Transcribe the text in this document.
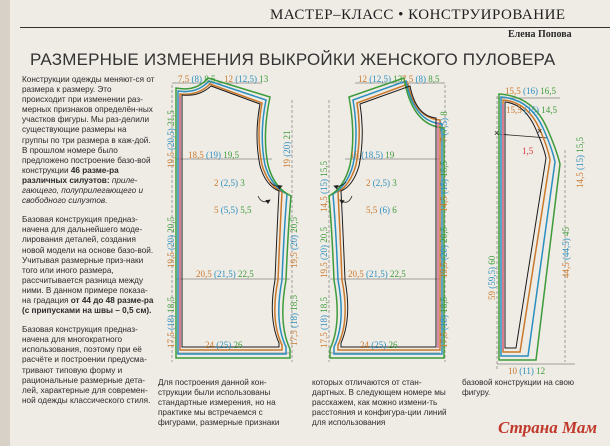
МАСТЕР–КЛАСС • КОНСТРУИРОВАНИЕ
Елена Попова
РАЗМЕРНЫЕ ИЗМЕНЕНИЯ ВЫКРОЙКИ ЖЕНСКОГО ПУЛОВЕРА

Конструкции одежды меняют-ся от размера к размеру. Это происходит при изменении раз-мерных признаков определён-ных участков фигуры. Мы раз-делили существующие размеры на группы по три размера в каж-дой. В прошлом номере было предложено построение базо-вой конструкции 46 разме-ра различных силуэтов: приле-гающего, полуприлегающего и свободного силуэтов.

Базовая конструкция предназ-начена для дальнейшего моде-лирования деталей, создания новой модели на основе базо-вой. Учитывая размерные приз-наки того или иного размера, рассчитывается разница между ними. В данном примере показа-на градация от 44 до 48 разме-ра (с припусками на швы – 0,5 см).

Базовая конструкция предназ-начена для многократного использования, поэтому при её расчёте и построении предусма-тривают типовую форму и рациональные размерные дета-лей, характерные для современ-ной одежды классического стиля.

Для построения данной кон-струкции были использованы стандартные измерения, но на практике мы встречаемся с фигурами, размерные признаки
которых отличаются от стан-дартных. В следующем номере мы расскажем, как можно измени-ть расстояния и конфигура-ции линий для использования
базовой конструкции на свою фигуру.
7,5 (8) 8,5 12 (12,5) 13
18,5 (19) 19,5
2 (2,5) 3
5 (5,5) 5,5
20,5 (21,5) 22,5
24 (25) 26
19,5 (20,5) 21,5
19,5 (20) 20,5
17,5 (18) 18,5
19 (20) 21
19,5 (20) 20,5
17,5 (18) 18,5
12 (12,5) 13 7,5 (8) 8,5
18 (18,5) 19
2 (2,5) 3
5,5 (6) 6
20,5 (21,5) 22,5
24 (25) 26
7 (7,5) 8
14,5 (15) 15,5
14,5 (15) 15,5
19,5 (20) 20,5
19,5 (20) 20,5
17,5 (18) 18,5
17,5 (18) 18,5
×	×
15,5 (16) 16,5
15,5 (15) 14,5
1,5
14,5 (15) 15,5
59 (59,5) 60
44,5 (44,5) 45
10 (11) 12
Страна Мам
